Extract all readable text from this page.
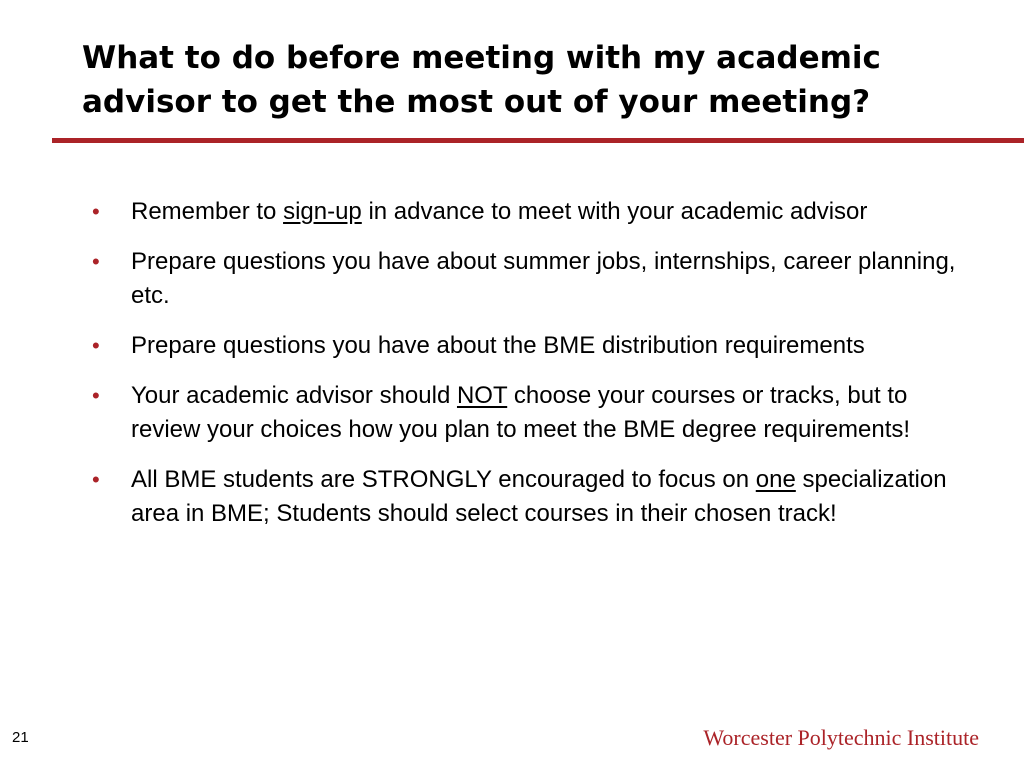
What to do before meeting with my academic advisor to get the most out of your meeting?
• Remember to sign-up in advance to meet with your academic advisor
• Prepare questions you have about summer jobs, internships, career planning, etc.
• Prepare questions you have about the BME distribution requirements
• Your academic advisor should NOT choose your courses or tracks, but to review your choices how you plan to meet the BME degree requirements!
• All BME students are STRONGLY encouraged to focus on one specialization area in BME; Students should select courses in their chosen track!
21	Worcester Polytechnic Institute
